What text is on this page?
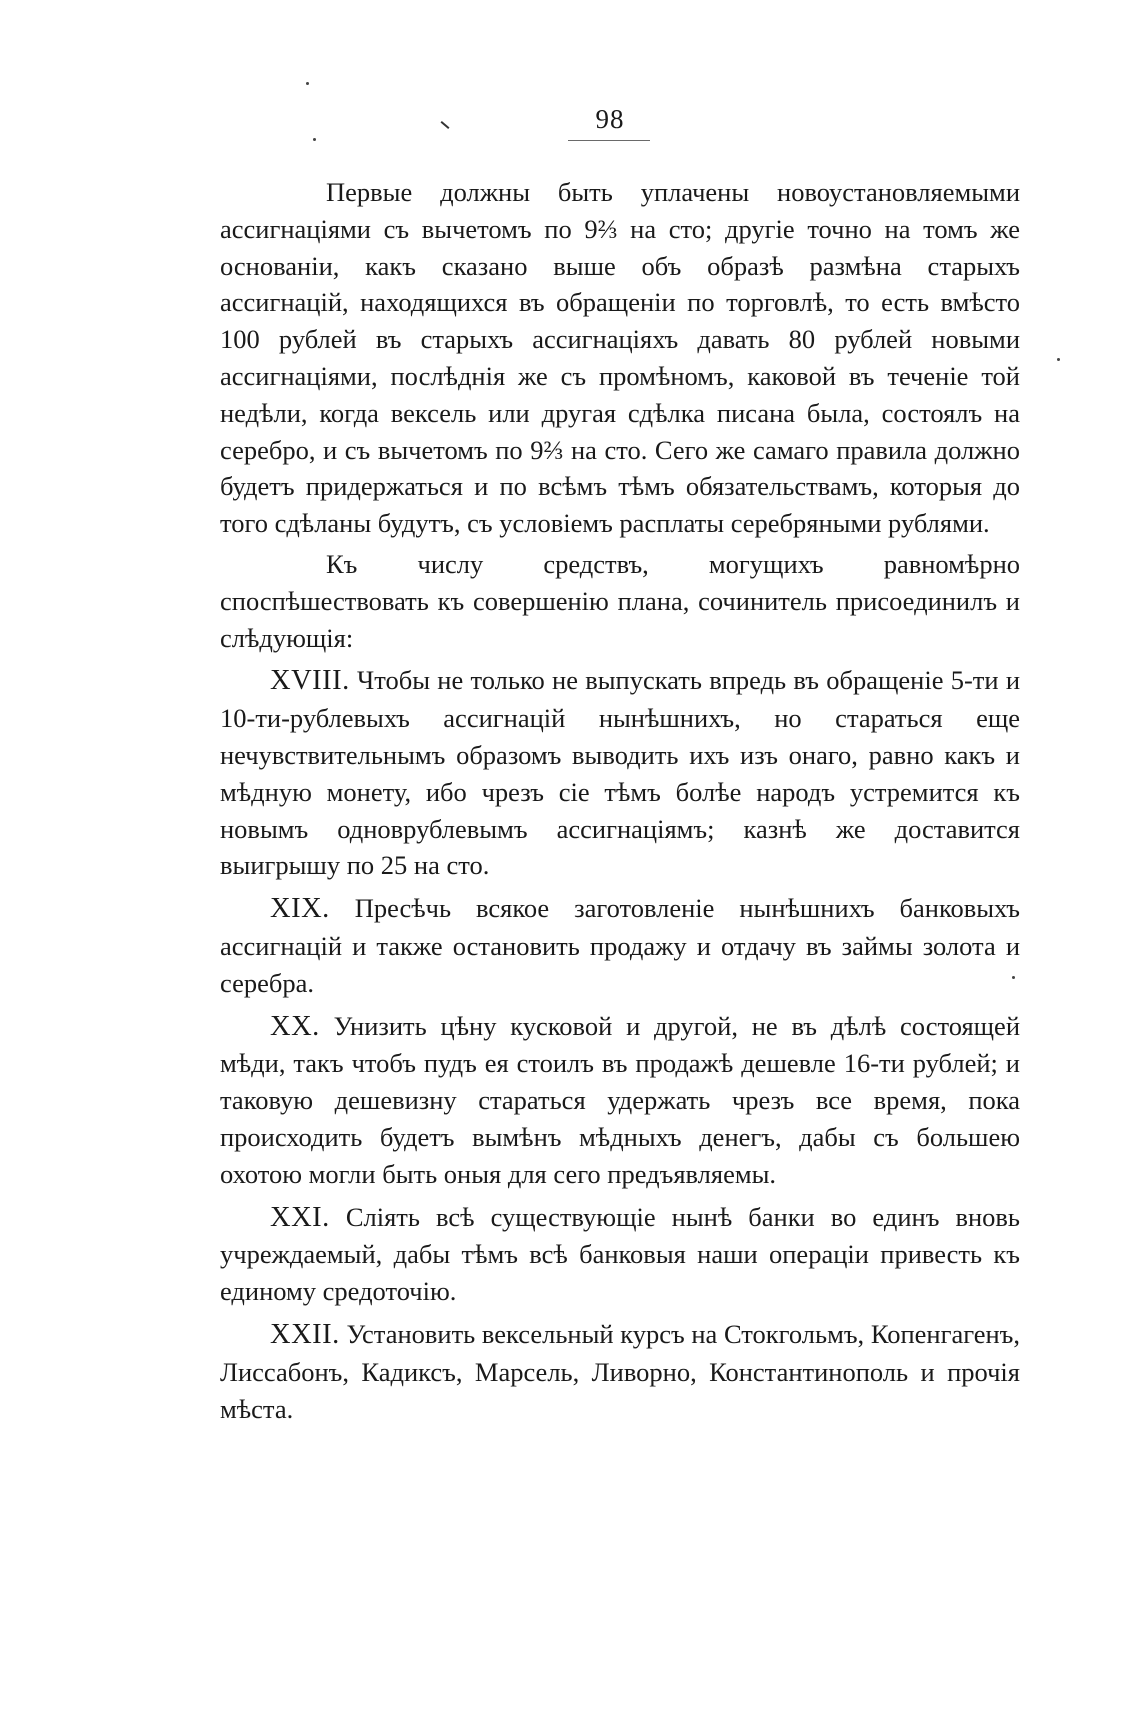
98

Первые должны быть уплачены новоустановляемыми ассигнаціями съ вычетомъ по 9⅔ на сто; другіе точно на томъ же основаніи, какъ сказано выше объ образѣ размѣна старыхъ ассигнацій, находящихся въ обращеніи по торговлѣ, то есть вмѣсто 100 рублей въ старыхъ ассигнаціяхъ давать 80 рублей новыми ассигнаціями, послѣднія же съ промѣномъ, каковой въ теченіе той недѣли, когда вексель или другая сдѣлка писана была, состоялъ на серебро, и съ вычетомъ по 9⅔ на сто. Сего же самаго правила должно будетъ придержаться и по всѣмъ тѣмъ обязательствамъ, которыя до того сдѣланы будутъ, съ условіемъ расплаты серебряными рублями.

Къ числу средствъ, могущихъ равномѣрно споспѣшествовать къ совершенію плана, сочинитель присоединилъ и слѣдующія:

XVIII. Чтобы не только не выпускать впредь въ обращеніе 5-ти и 10-ти-рублевыхъ ассигнацій нынѣшнихъ, но стараться еще нечувствительнымъ образомъ выводить ихъ изъ онаго, равно какъ и мѣдную монету, ибо чрезъ сіе тѣмъ болѣе народъ устремится къ новымъ одноврублевымъ ассигнаціямъ; казнѣ же доставится выигрышу по 25 на сто.

XIX. Пресѣчь всякое заготовленіе нынѣшнихъ банковыхъ ассигнацій и также остановить продажу и отдачу въ займы золота и серебра.

XX. Унизить цѣну кусковой и другой, не въ дѣлѣ состоящей мѣди, такъ чтобъ пудъ ея стоилъ въ продажѣ дешевле 16-ти рублей; и таковую дешевизну стараться удержать чрезъ все время, пока происходить будетъ вымѣнъ мѣдныхъ денегъ, дабы съ большею охотою могли быть оныя для сего предъявляемы.

XXI. Слiять всѣ существующіе нынѣ банки во единъ вновь учреждаемый, дабы тѣмъ всѣ банковыя наши операціи привесть къ единому средоточію.

XXII. Установить вексельный курсъ на Стокгольмъ, Копенгагенъ, Лиссабонъ, Кадиксъ, Марсель, Ливорно, Константинополь и прочія мѣста.
